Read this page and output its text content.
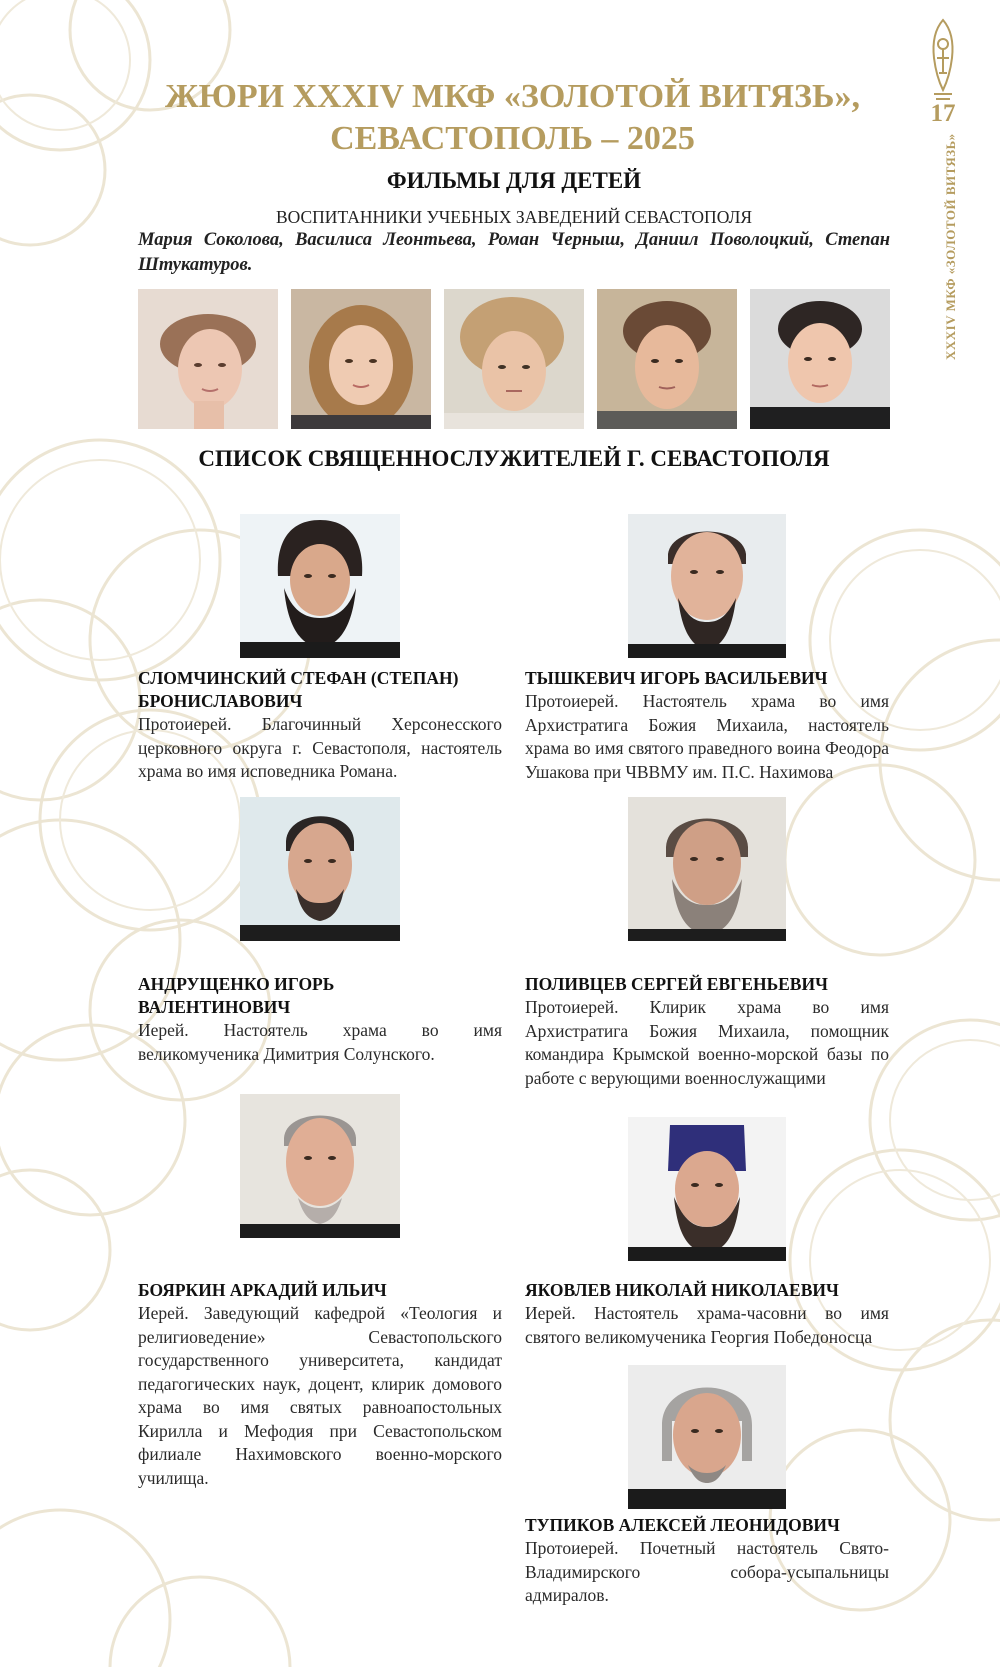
17
XXXIV МКФ «ЗОЛОТОЙ ВИТЯЗЬ»
ЖЮРИ XXXIV МКФ «ЗОЛОТОЙ ВИТЯЗЬ»,
СЕВАСТОПОЛЬ – 2025
ФИЛЬМЫ ДЛЯ ДЕТЕЙ
ВОСПИТАННИКИ УЧЕБНЫХ ЗАВЕДЕНИЙ СЕВАСТОПОЛЯ
Мария Соколова, Василиса Леонтьева, Роман Черныш, Даниил Поволоцкий, Степан Штукатуров.
СПИСОК СВЯЩЕННОСЛУЖИТЕЛЕЙ Г. СЕВАСТОПОЛЯ
СЛОМЧИНСКИЙ СТЕФАН (СТЕПАН)
БРОНИСЛАВОВИЧ
Протоиерей. Благочинный Херсонесского церковного округа г. Севастополя, настоятель храма во имя исповедника Романа.
ТЫШКЕВИЧ ИГОРЬ ВАСИЛЬЕВИЧ
Протоиерей. Настоятель храма во имя Архистратига Божия Михаила, настоятель храма во имя святого праведного воина Феодора Ушакова при ЧВВМУ им. П.С. Нахимова
АНДРУЩЕНКО ИГОРЬ
ВАЛЕНТИНОВИЧ
Иерей. Настоятель храма во имя великомученика Димитрия Солунского.
ПОЛИВЦЕВ СЕРГЕЙ ЕВГЕНЬЕВИЧ
Протоиерей. Клирик храма во имя Архистратига Божия Михаила, помощник командира Крымской военно-морской базы по работе с верующими военнослужащими
БОЯРКИН АРКАДИЙ ИЛЬИЧ
Иерей. Заведующий кафедрой «Теология и религиоведение» Севастопольского государственного университета, кандидат педагогических наук, доцент, клирик домового храма во имя святых равноапостольных Кирилла и Мефодия при Севастопольском филиале Нахимовского военно-морского училища.
ЯКОВЛЕВ НИКОЛАЙ НИКОЛАЕВИЧ
Иерей. Настоятель храма-часовни во имя святого великомученика Георгия Победоносца
ТУПИКОВ АЛЕКСЕЙ ЛЕОНИДОВИЧ
Протоиерей. Почетный настоятель Свято-Владимирского собора-усыпальницы адмиралов.
